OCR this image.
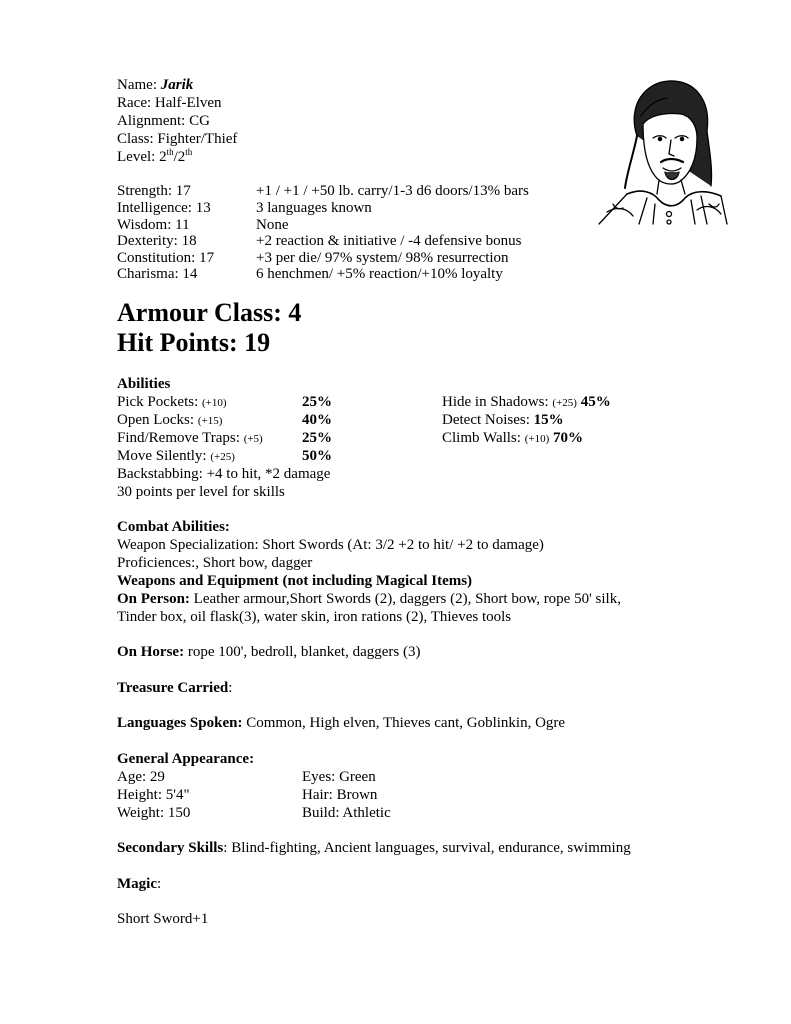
Name: Jarik
Race: Half-Elven
Alignment: CG
Class: Fighter/Thief
Level: 2th/2th
Strength: 17	+1 / +1 / +50 lb. carry/1-3 d6 doors/13% bars
Intelligence: 13	3 languages known
Wisdom: 11	None
Dexterity: 18	+2 reaction & initiative / -4 defensive bonus
Constitution: 17	+3 per die/ 97% system/ 98% resurrection
Charisma: 14	6 henchmen/ +5% reaction/+10% loyalty
Armour Class: 4
Hit Points: 19
Abilities
Pick Pockets: (+10)	25%
Open Locks: (+15)	40%
Find/Remove Traps: (+5)	25%
Move Silently: (+25)	50%
Hide in Shadows: (+25) 45%
Detect Noises: 15%
Climb Walls: (+10) 70%
Backstabbing: +4 to hit, *2 damage
30 points per level for skills
Combat Abilities:
Weapon Specialization: Short Swords (At: 3/2 +2 to hit/ +2 to damage)
Proficiences:, Short bow, dagger
Weapons and Equipment (not including Magical Items)
On Person: Leather armour,Short Swords (2), daggers (2), Short bow, rope 50' silk,
Tinder box, oil flask(3), water skin, iron rations (2), Thieves tools
On Horse: rope 100', bedroll, blanket, daggers (3)
Treasure Carried:
Languages Spoken: Common, High elven, Thieves cant, Goblinkin, Ogre
General Appearance:
Age: 29	Eyes: Green
Height: 5'4"	Hair: Brown
Weight: 150	Build: Athletic
Secondary Skills: Blind-fighting, Ancient languages, survival, endurance, swimming
Magic:
Short Sword+1
